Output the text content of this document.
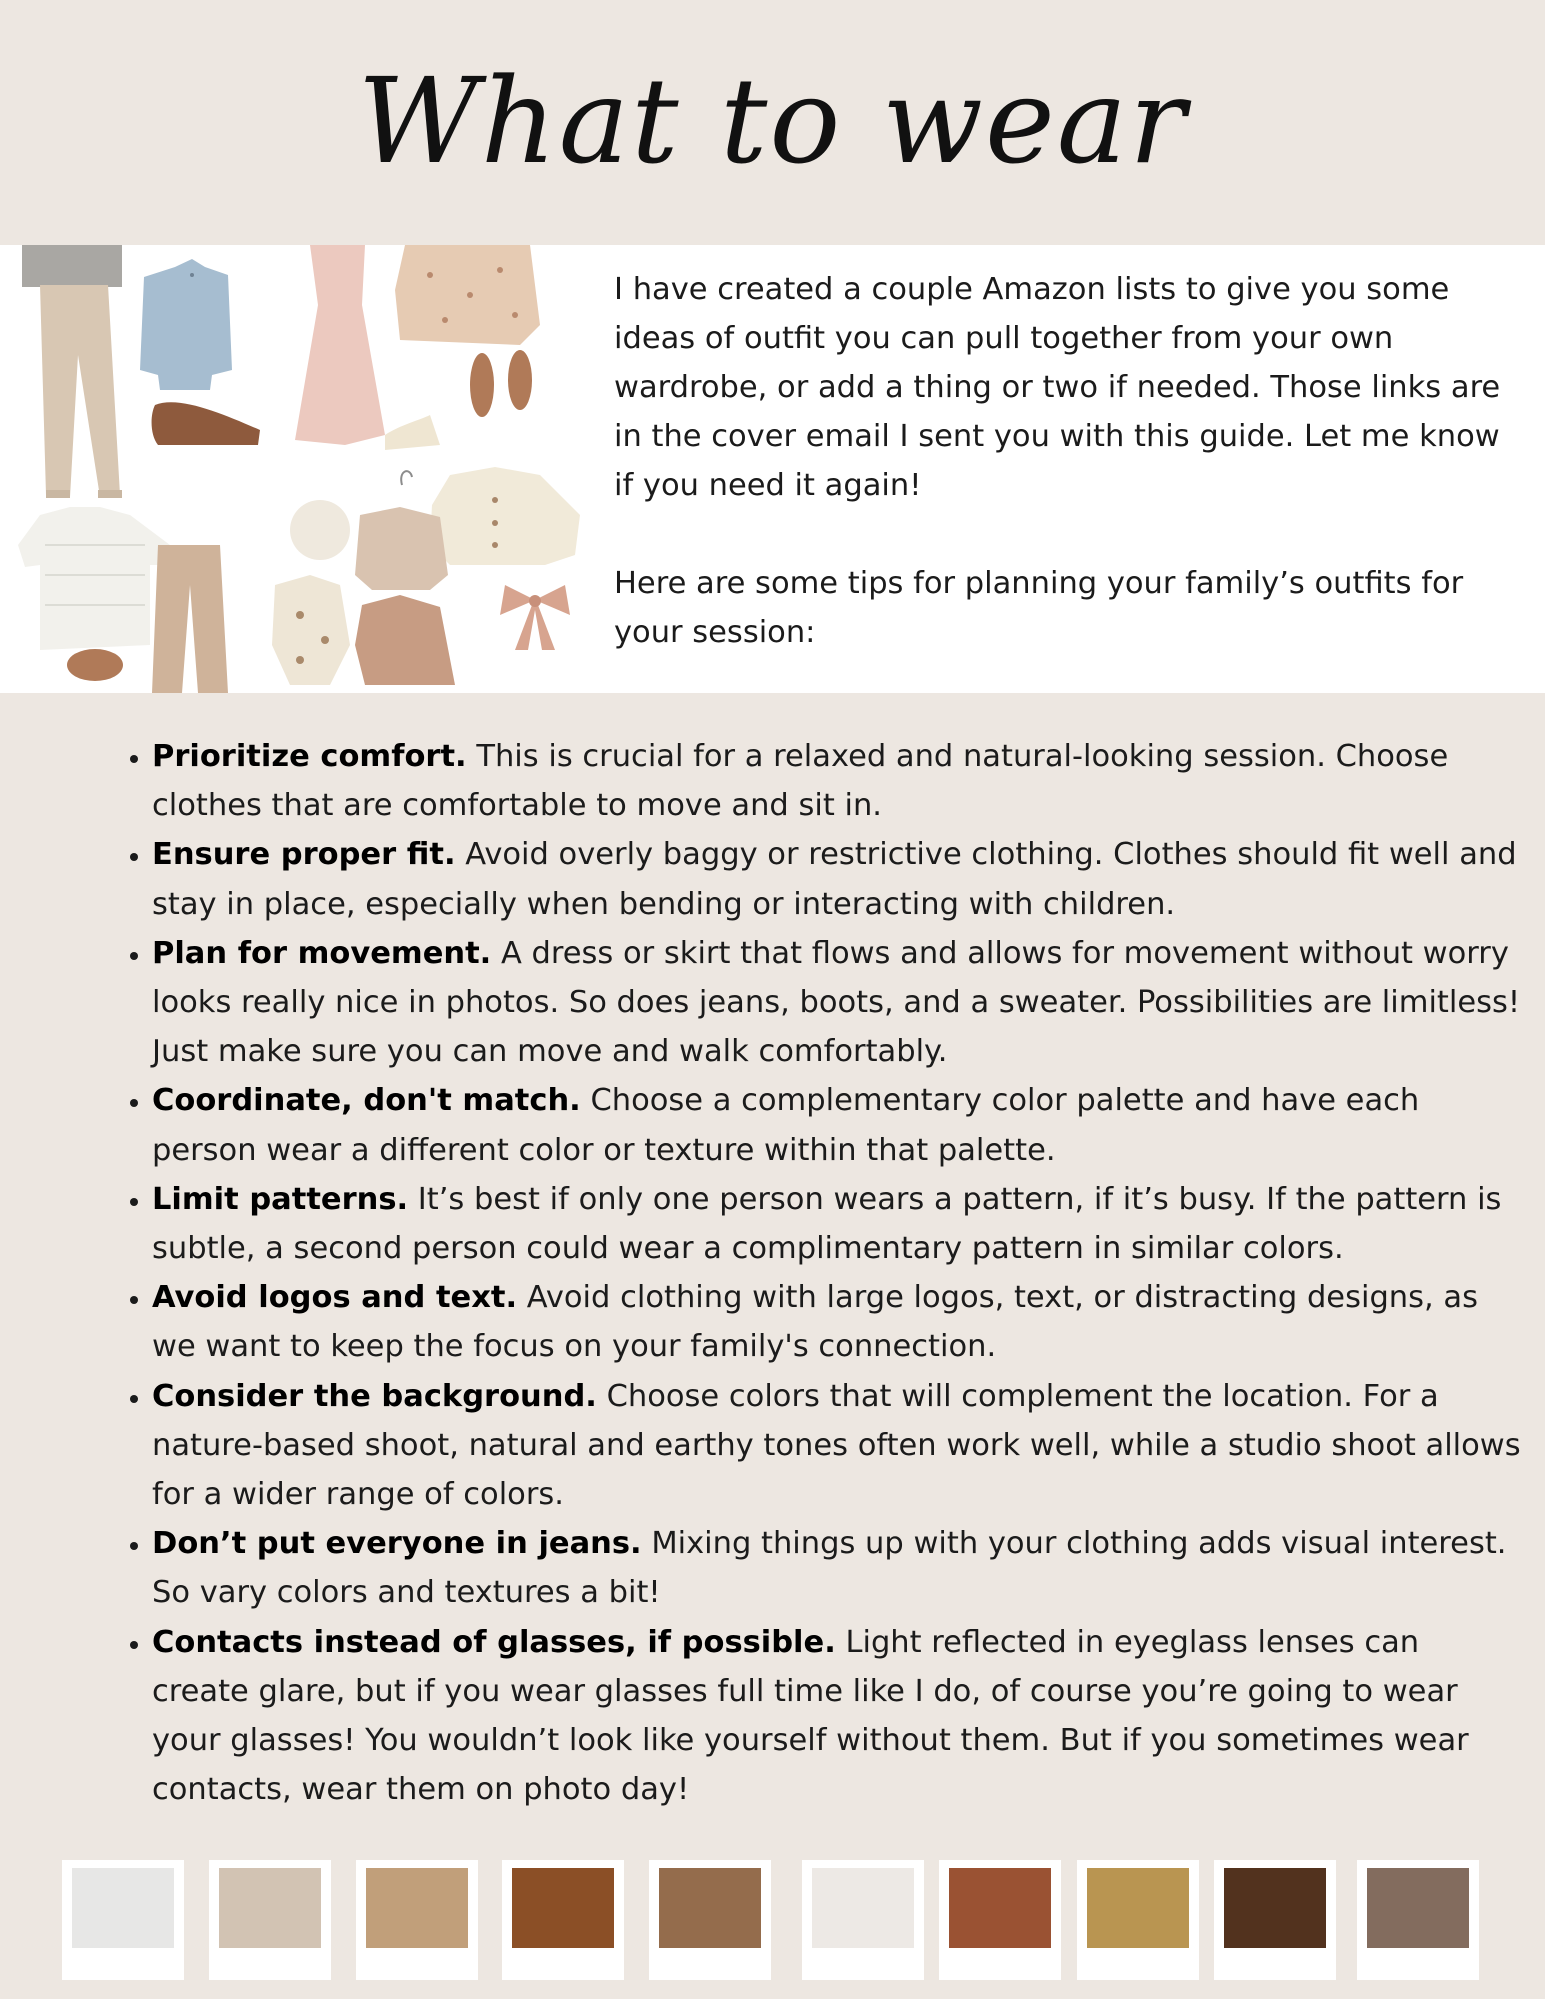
What to wear

I have created a couple Amazon lists to give you some ideas of outfit you can pull together from your own wardrobe, or add a thing or two if needed. Those links are in the cover email I sent you with this guide. Let me know if you need it again!

Here are some tips for planning your family’s outfits for your session:

• Prioritize comfort. This is crucial for a relaxed and natural-looking session. Choose clothes that are comfortable to move and sit in.
• Ensure proper fit. Avoid overly baggy or restrictive clothing. Clothes should fit well and stay in place, especially when bending or interacting with children.
• Plan for movement. A dress or skirt that flows and allows for movement without worry looks really nice in photos. So does jeans, boots, and a sweater. Possibilities are limitless! Just make sure you can move and walk comfortably.
• Coordinate, don't match. Choose a complementary color palette and have each person wear a different color or texture within that palette.
• Limit patterns. It’s best if only one person wears a pattern, if it’s busy. If the pattern is subtle, a second person could wear a complimentary pattern in similar colors.
• Avoid logos and text. Avoid clothing with large logos, text, or distracting designs, as we want to keep the focus on your family's connection.
• Consider the background. Choose colors that will complement the location. For a nature-based shoot, natural and earthy tones often work well, while a studio shoot allows for a wider range of colors.
• Don’t put everyone in jeans. Mixing things up with your clothing adds visual interest. So vary colors and textures a bit!
• Contacts instead of glasses, if possible. Light reflected in eyeglass lenses can create glare, but if you wear glasses full time like I do, of course you’re going to wear your glasses! You wouldn’t look like yourself without them. But if you sometimes wear contacts, wear them on photo day!
